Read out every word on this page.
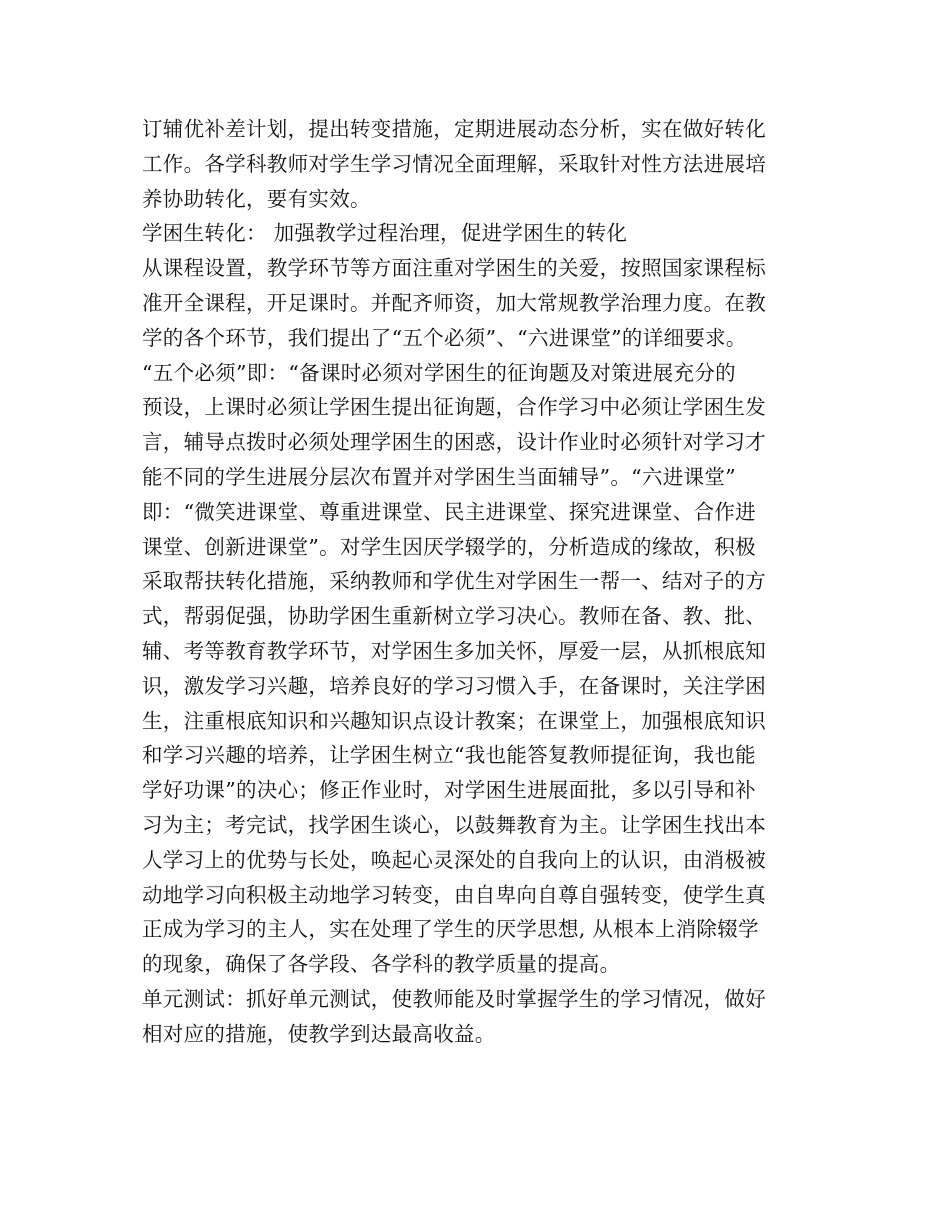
订辅优补差计划，提出转变措施，定期进展动态分析，实在做好转化
工作。各学科教师对学生学习情况全面理解，采取针对性方法进展培
养协助转化，要有实效。
学困生转化： 加强教学过程治理，促进学困生的转化
从课程设置，教学环节等方面注重对学困生的关爱，按照国家课程标
准开全课程，开足课时。并配齐师资，加大常规教学治理力度。在教
学的各个环节，我们提出了“五个必须”、“六进课堂”的详细要求。
“五个必须”即：“备课时必须对学困生的征询题及对策进展充分的
预设，上课时必须让学困生提出征询题，合作学习中必须让学困生发
言，辅导点拨时必须处理学困生的困惑，设计作业时必须针对学习才
能不同的学生进展分层次布置并对学困生当面辅导”。“六进课堂”
即：“微笑进课堂、尊重进课堂、民主进课堂、探究进课堂、合作进
课堂、创新进课堂”。对学生因厌学辍学的，分析造成的缘故，积极
采取帮扶转化措施，采纳教师和学优生对学困生一帮一、结对子的方
式，帮弱促强，协助学困生重新树立学习决心。教师在备、教、批、
辅、考等教育教学环节，对学困生多加关怀，厚爱一层，从抓根底知
识，激发学习兴趣，培养良好的学习习惯入手，在备课时，关注学困
生，注重根底知识和兴趣知识点设计教案；在课堂上，加强根底知识
和学习兴趣的培养，让学困生树立“我也能答复教师提征询，我也能
学好功课”的决心；修正作业时，对学困生进展面批，多以引导和补
习为主；考完试，找学困生谈心，以鼓舞教育为主。让学困生找出本
人学习上的优势与长处，唤起心灵深处的自我向上的认识，由消极被
动地学习向积极主动地学习转变，由自卑向自尊自强转变，使学生真
正成为学习的主人，实在处理了学生的厌学思想, 从根本上消除辍学
的现象，确保了各学段、各学科的教学质量的提高。
单元测试：抓好单元测试，使教师能及时掌握学生的学习情况，做好
相对应的措施，使教学到达最高收益。
